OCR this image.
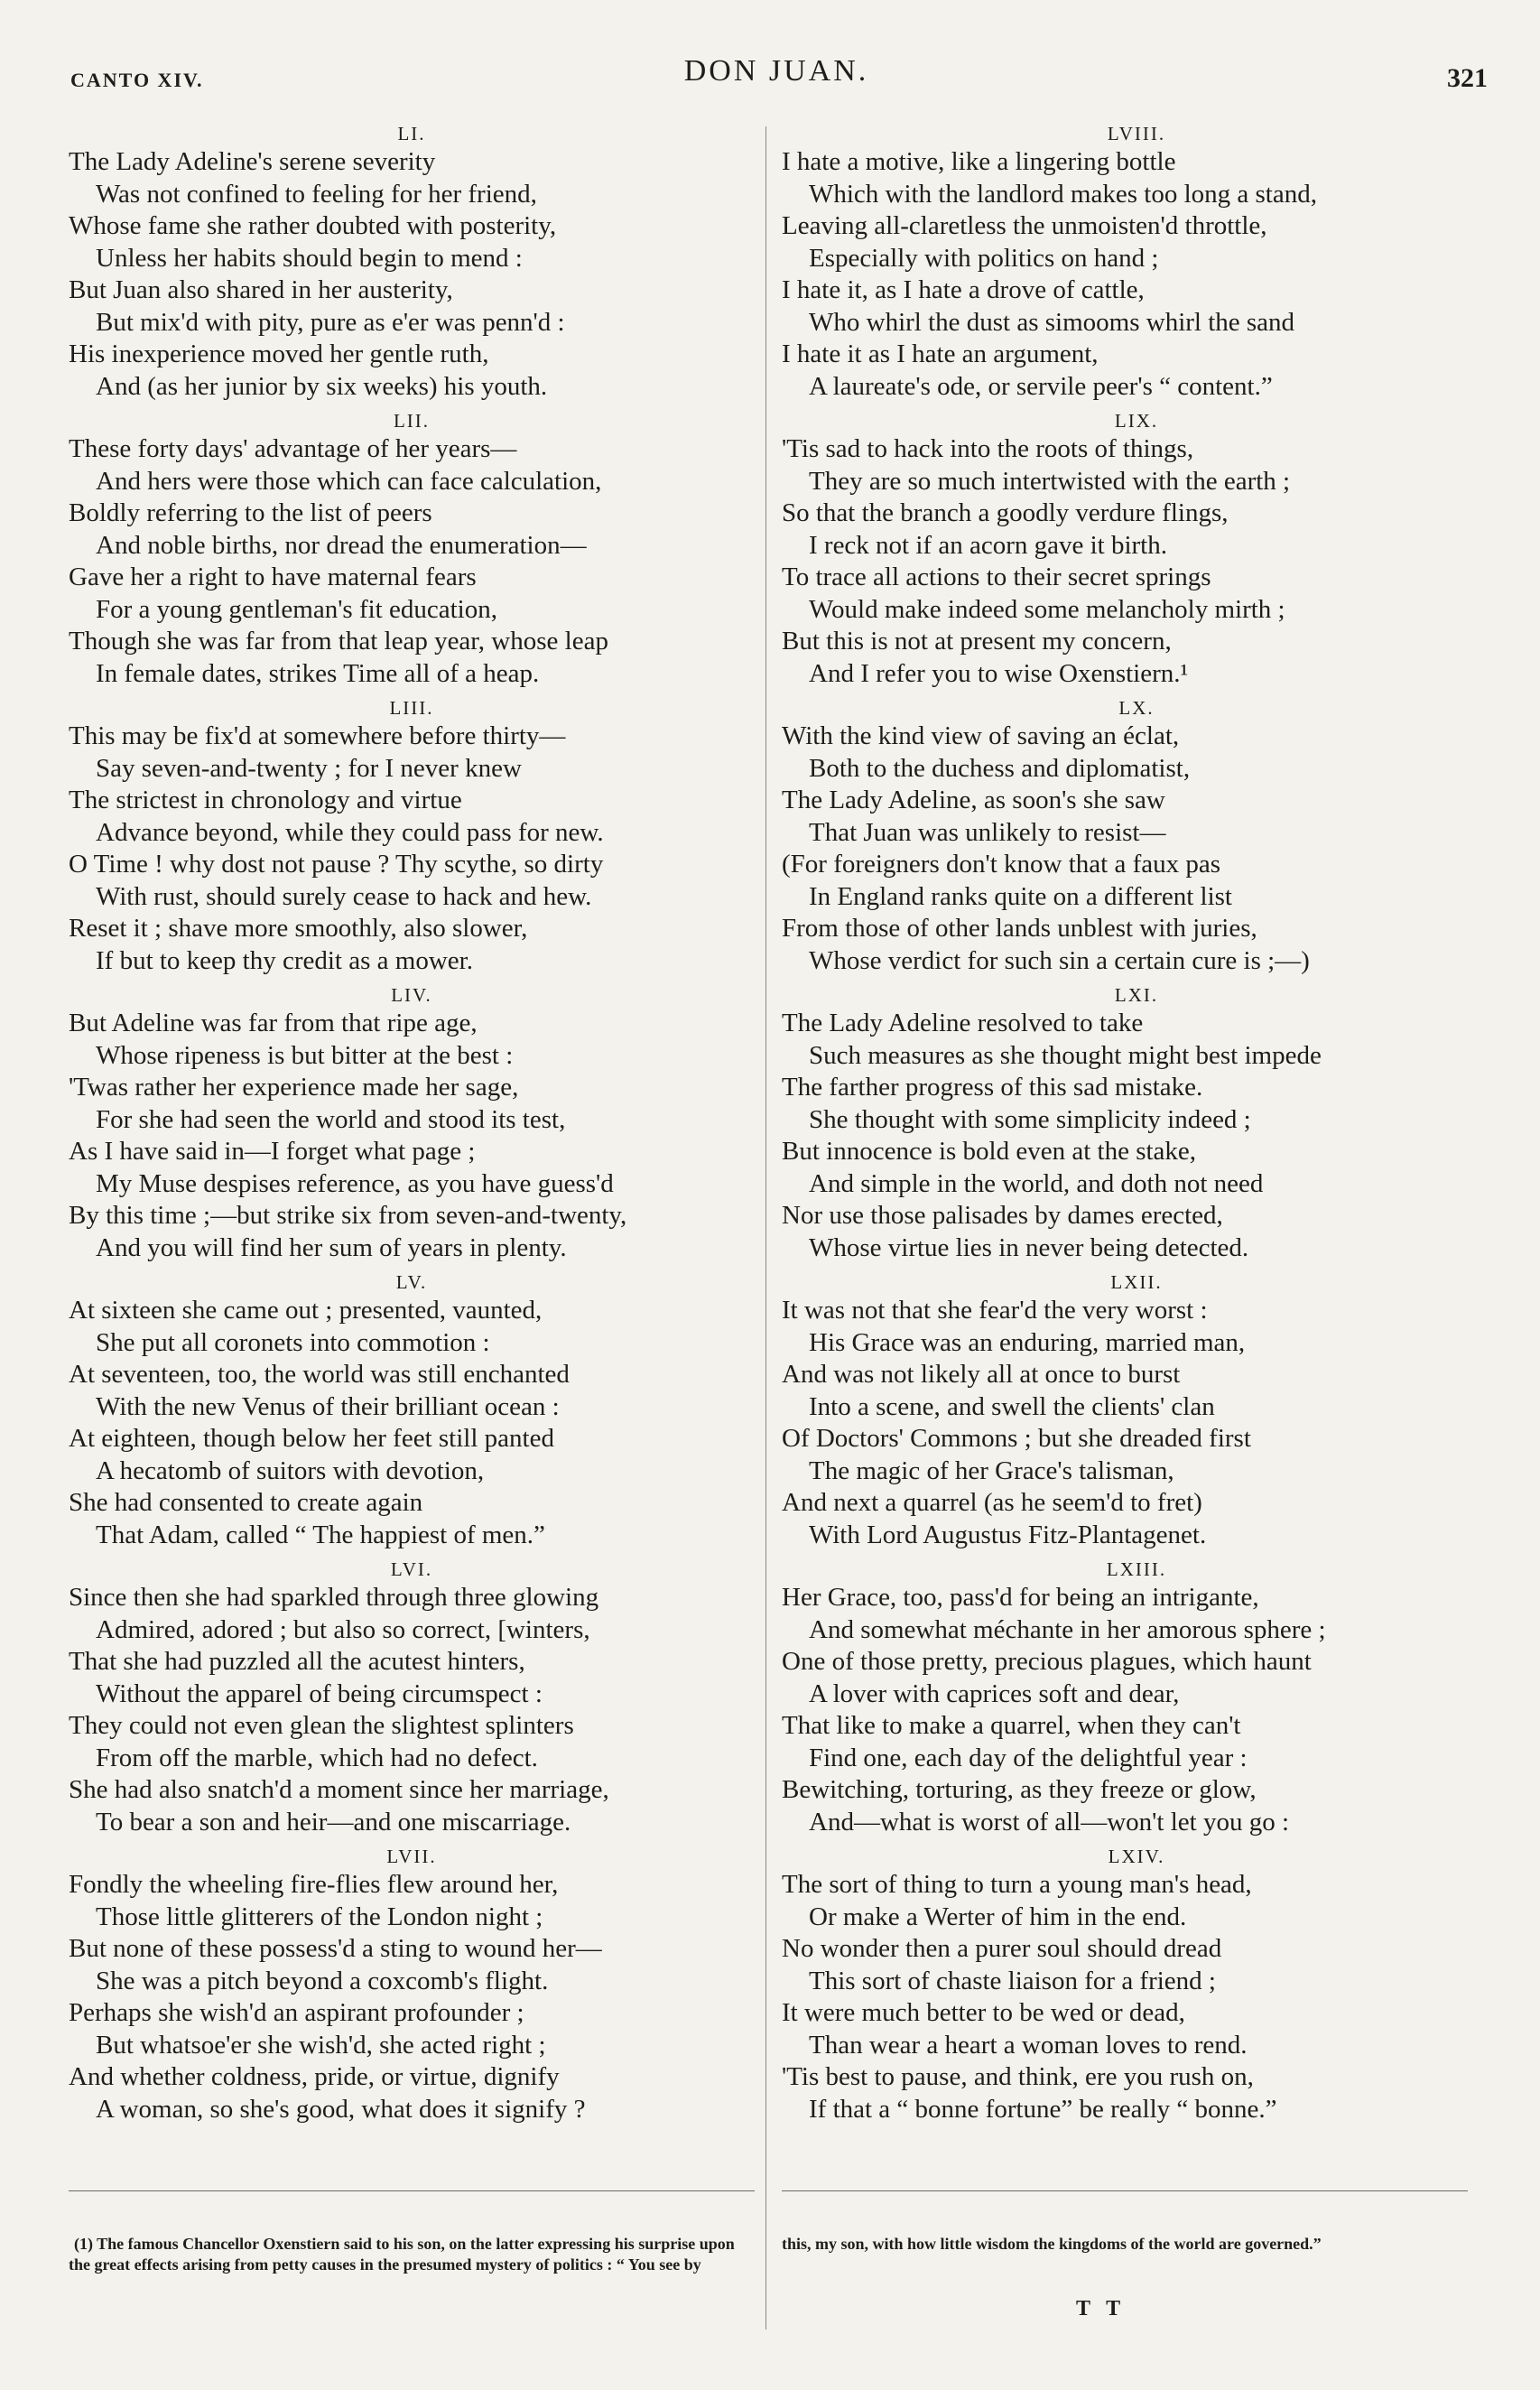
CANTO XIV.	DON JUAN.	321
LI.
The Lady Adeline's serene severity
Was not confined to feeling for her friend,
Whose fame she rather doubted with posterity,
Unless her habits should begin to mend :
But Juan also shared in her austerity,
But mix'd with pity, pure as e'er was penn'd :
His inexperience moved her gentle ruth,
And (as her junior by six weeks) his youth.
LII.
These forty days' advantage of her years—
And hers were those which can face calculation,
Boldly referring to the list of peers
And noble births, nor dread the enumeration—
Gave her a right to have maternal fears
For a young gentleman's fit education,
Though she was far from that leap year, whose leap
In female dates, strikes Time all of a heap.
LIII.
This may be fix'd at somewhere before thirty—
Say seven-and-twenty ; for I never knew
The strictest in chronology and virtue
Advance beyond, while they could pass for new.
O Time ! why dost not pause ? Thy scythe, so dirty
With rust, should surely cease to hack and hew.
Reset it ; shave more smoothly, also slower,
If but to keep thy credit as a mower.
LIV.
But Adeline was far from that ripe age,
Whose ripeness is but bitter at the best :
'Twas rather her experience made her sage,
For she had seen the world and stood its test,
As I have said in—I forget what page ;
My Muse despises reference, as you have guess'd
By this time ;—but strike six from seven-and-twenty,
And you will find her sum of years in plenty.
LV.
At sixteen she came out ; presented, vaunted,
She put all coronets into commotion :
At seventeen, too, the world was still enchanted
With the new Venus of their brilliant ocean :
At eighteen, though below her feet still panted
A hecatomb of suitors with devotion,
She had consented to create again
That Adam, called “ The happiest of men.”
LVI.
Since then she had sparkled through three glowing
Admired, adored ; but also so correct, [winters,
That she had puzzled all the acutest hinters,
Without the apparel of being circumspect :
They could not even glean the slightest splinters
From off the marble, which had no defect.
She had also snatch'd a moment since her marriage,
To bear a son and heir—and one miscarriage.
LVII.
Fondly the wheeling fire-flies flew around her,
Those little glitterers of the London night ;
But none of these possess'd a sting to wound her—
She was a pitch beyond a coxcomb's flight.
Perhaps she wish'd an aspirant profounder ;
But whatsoe'er she wish'd, she acted right ;
And whether coldness, pride, or virtue, dignify
A woman, so she's good, what does it signify ?
LVIII.
I hate a motive, like a lingering bottle
Which with the landlord makes too long a stand,
Leaving all-claretless the unmoisten'd throttle,
Especially with politics on hand ;
I hate it, as I hate a drove of cattle,
Who whirl the dust as simooms whirl the sand
I hate it as I hate an argument,
A laureate's ode, or servile peer's “ content.”
LIX.
'Tis sad to hack into the roots of things,
They are so much intertwisted with the earth ;
So that the branch a goodly verdure flings,
I reck not if an acorn gave it birth.
To trace all actions to their secret springs
Would make indeed some melancholy mirth ;
But this is not at present my concern,
And I refer you to wise Oxenstiern.¹
LX.
With the kind view of saving an éclat,
Both to the duchess and diplomatist,
The Lady Adeline, as soon's she saw
That Juan was unlikely to resist—
(For foreigners don't know that a faux pas
In England ranks quite on a different list
From those of other lands unblest with juries,
Whose verdict for such sin a certain cure is ;—)
LXI.
The Lady Adeline resolved to take
Such measures as she thought might best impede
The farther progress of this sad mistake.
She thought with some simplicity indeed ;
But innocence is bold even at the stake,
And simple in the world, and doth not need
Nor use those palisades by dames erected,
Whose virtue lies in never being detected.
LXII.
It was not that she fear'd the very worst :
His Grace was an enduring, married man,
And was not likely all at once to burst
Into a scene, and swell the clients' clan
Of Doctors' Commons ; but she dreaded first
The magic of her Grace's talisman,
And next a quarrel (as he seem'd to fret)
With Lord Augustus Fitz-Plantagenet.
LXIII.
Her Grace, too, pass'd for being an intrigante,
And somewhat méchante in her amorous sphere ;
One of those pretty, precious plagues, which haunt
A lover with caprices soft and dear,
That like to make a quarrel, when they can't
Find one, each day of the delightful year :
Bewitching, torturing, as they freeze or glow,
And—what is worst of all—won't let you go :
LXIV.
The sort of thing to turn a young man's head,
Or make a Werter of him in the end.
No wonder then a purer soul should dread
This sort of chaste liaison for a friend ;
It were much better to be wed or dead,
Than wear a heart a woman loves to rend.
'Tis best to pause, and think, ere you rush on,
If that a “ bonne fortune” be really “ bonne.”
(1) The famous Chancellor Oxenstiern said to his son, on the latter expressing his surprise upon the great effects arising from petty causes in the presumed mystery of politics : “ You see by
this, my son, with how little wisdom the kingdoms of the world are governed.”
T T
